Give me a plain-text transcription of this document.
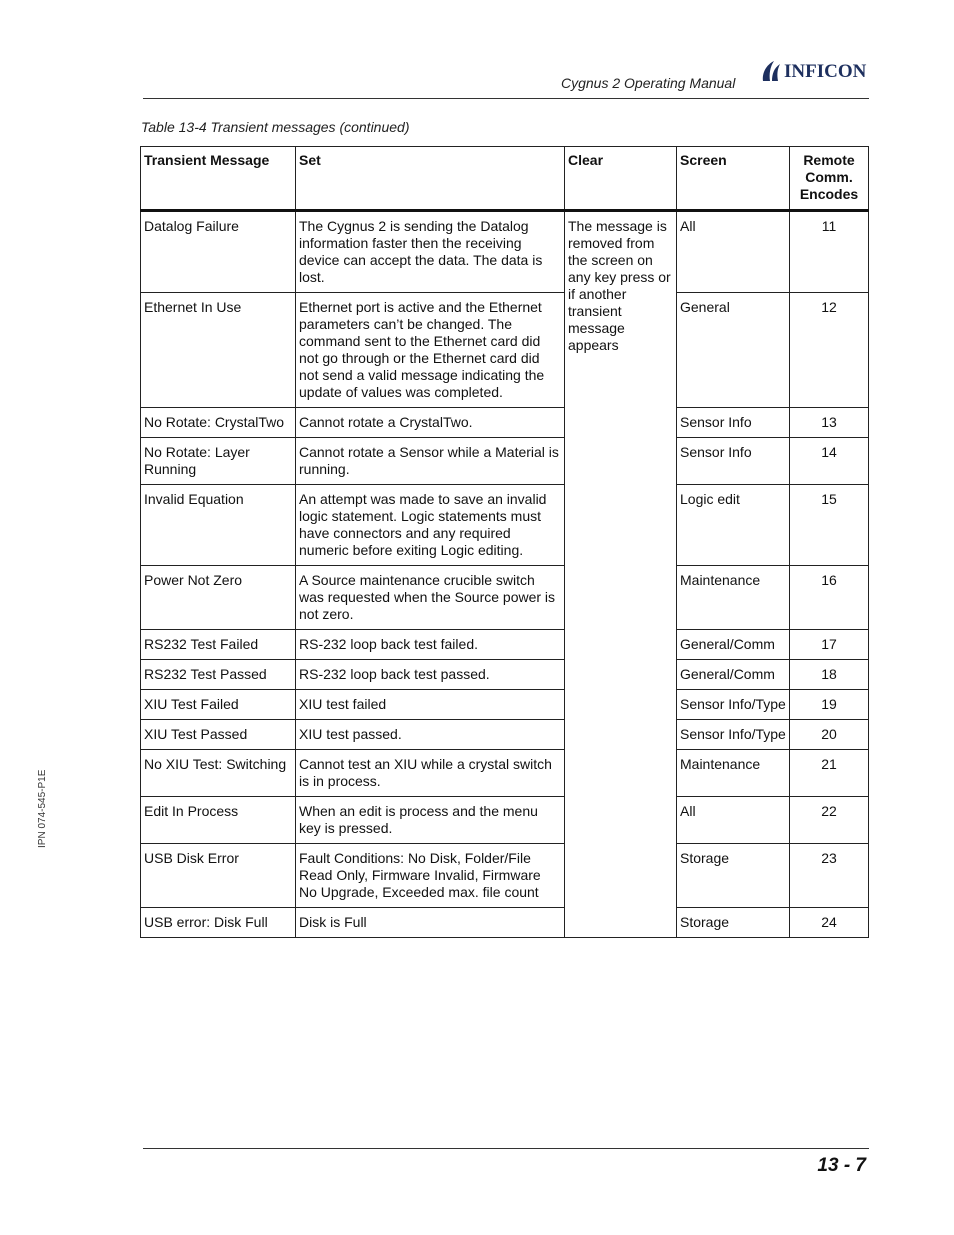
Cygnus 2 Operating Manual
INFICON
Table 13-4 Transient messages (continued)
Transient Message	Set	Clear	Screen	Remote Comm. Encodes
Datalog Failure	The Cygnus 2 is sending the Datalog information faster then the receiving device can accept the data. The data is lost.	The message is removed from the screen on any key press or if another transient message appears	All	11
Ethernet In Use	Ethernet port is active and the Ethernet parameters can’t be changed. The command sent to the Ethernet card did not go through or the Ethernet card did not send a valid message indicating the update of values was completed.		General	12
No Rotate: CrystalTwo	Cannot rotate a CrystalTwo.		Sensor Info	13
No Rotate: Layer Running	Cannot rotate a Sensor while a Material is running.		Sensor Info	14
Invalid Equation	An attempt was made to save an invalid logic statement. Logic statements must have connectors and any required numeric before exiting Logic editing.		Logic edit	15
Power Not Zero	A Source maintenance crucible switch was requested when the Source power is not zero.		Maintenance	16
RS232 Test Failed	RS-232 loop back test failed.		General/Comm	17
RS232 Test Passed	RS-232 loop back test passed.		General/Comm	18
XIU Test Failed	XIU test failed		Sensor Info/Type	19
XIU Test Passed	XIU test passed.		Sensor Info/Type	20
No XIU Test: Switching	Cannot test an XIU while a crystal switch is in process.		Maintenance	21
Edit In Process	When an edit is process and the menu key is pressed.		All	22
USB Disk Error	Fault Conditions: No Disk, Folder/File Read Only, Firmware Invalid, Firmware No Upgrade, Exceeded max. file count		Storage	23
USB error: Disk Full	Disk is Full		Storage	24
IPN 074-545-P1E
13 - 7
